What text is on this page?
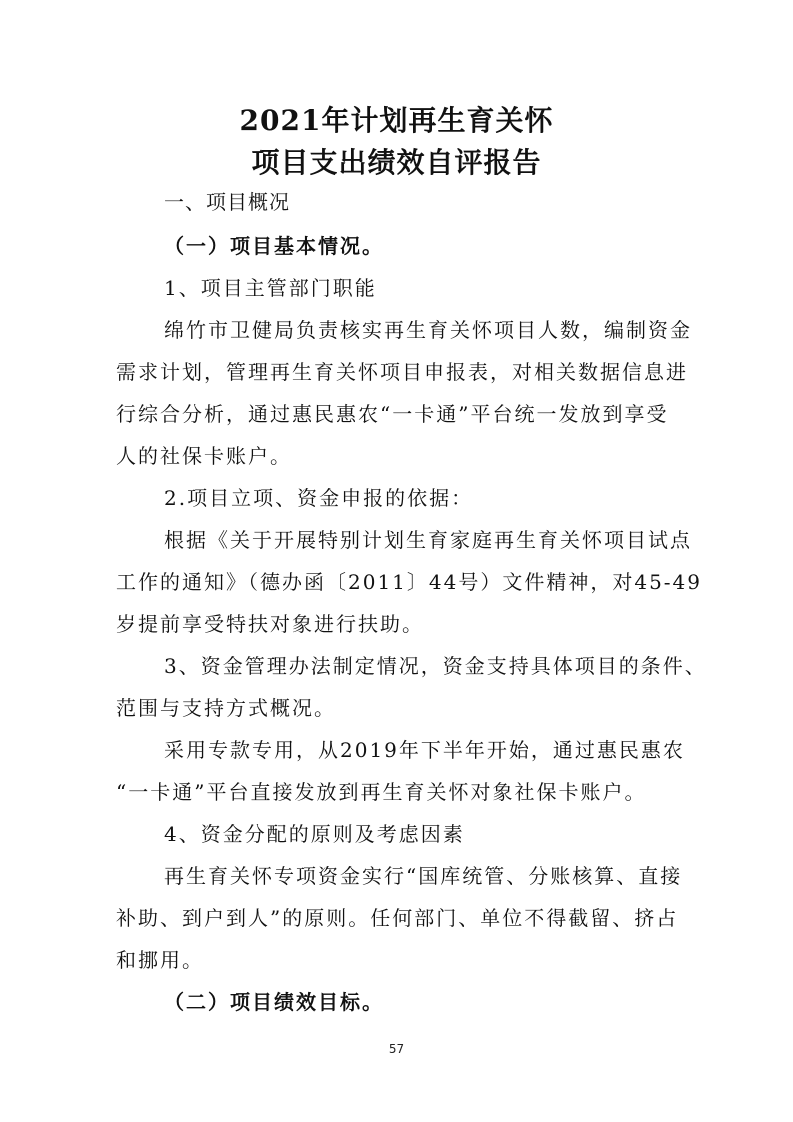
2021年计划再生育关怀
项目支出绩效自评报告
一、项目概况
（一）项目基本情况。
1、项目主管部门职能
绵竹市卫健局负责核实再生育关怀项目人数，编制资金
需求计划，管理再生育关怀项目申报表，对相关数据信息进
行综合分析，通过惠民惠农“一卡通”平台统一发放到享受
人的社保卡账户。
2.项目立项、资金申报的依据：
根据《关于开展特别计划生育家庭再生育关怀项目试点
工作的通知》（德办函〔2011〕44号）文件精神，对45-49
岁提前享受特扶对象进行扶助。
3、资金管理办法制定情况，资金支持具体项目的条件、
范围与支持方式概况。
采用专款专用，从2019年下半年开始，通过惠民惠农
“一卡通”平台直接发放到再生育关怀对象社保卡账户。
4、资金分配的原则及考虑因素
再生育关怀专项资金实行“国库统管、分账核算、直接
补助、到户到人”的原则。任何部门、单位不得截留、挤占
和挪用。
（二）项目绩效目标。
57
